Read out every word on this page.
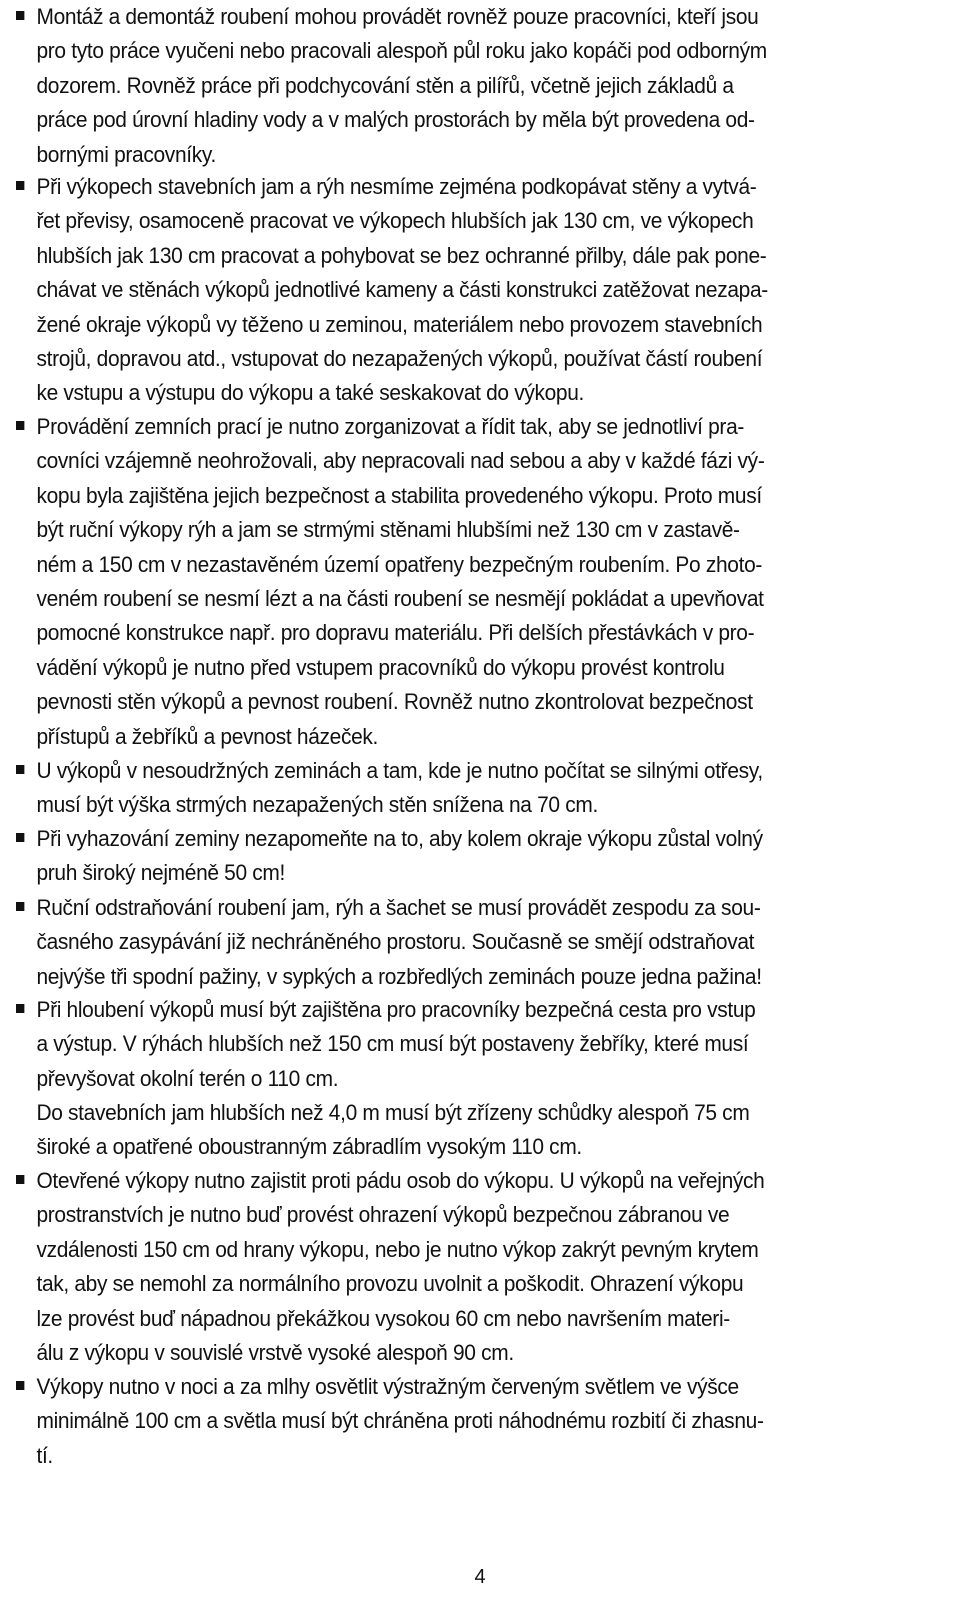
Montáž a demontáž roubení mohou provádět rovněž pouze pracovníci, kteří jsou
pro tyto práce vyučeni nebo pracovali alespoň půl roku jako kopáči pod odborným
dozorem. Rovněž práce při podchycování stěn a pilířů, včetně jejich základů a
práce pod úrovní hladiny vody a v malých prostorách by měla být provedena od-
bornými pracovníky.
Při výkopech stavebních jam a rýh nesmíme zejména podkopávat stěny a vytvá-
řet převisy, osamoceně pracovat ve výkopech hlubších jak 130 cm, ve výkopech
hlubších jak 130 cm pracovat a pohybovat se bez ochranné přilby, dále pak pone-
chávat ve stěnách výkopů jednotlivé kameny a části konstrukci zatěžovat nezapa-
žené okraje výkopů vy těženo u zeminou, materiálem nebo provozem stavebních
strojů, dopravou atd., vstupovat do nezapažených výkopů, používat částí roubení
ke vstupu a výstupu do výkopu a také seskakovat do výkopu.
Provádění zemních prací je nutno zorganizovat a řídit tak, aby se jednotliví pra-
covníci vzájemně neohrožovali, aby nepracovali nad sebou a aby v každé fázi vý-
kopu byla zajištěna jejich bezpečnost a stabilita provedeného výkopu. Proto musí
být ruční výkopy rýh a jam se strmými stěnami hlubšími než 130 cm v zastavě-
ném a 150 cm v nezastavěném území opatřeny bezpečným roubením. Po zhoto-
veném roubení se nesmí lézt a na části roubení se nesmějí pokládat a upevňovat
pomocné konstrukce např. pro dopravu materiálu. Při delších přestávkách v pro-
vádění výkopů je nutno před vstupem pracovníků do výkopu provést kontrolu
pevnosti stěn výkopů a pevnost roubení. Rovněž nutno zkontrolovat bezpečnost
přístupů a žebříků a pevnost házeček.
U výkopů v nesoudržných zeminách a tam, kde je nutno počítat se silnými otřesy,
musí být výška strmých nezapažených stěn snížena na 70 cm.
Při vyhazování zeminy nezapomeňte na to, aby kolem okraje výkopu zůstal volný
pruh široký nejméně 50 cm!
Ruční odstraňování roubení jam, rýh a šachet se musí provádět zespodu za sou-
časného zasypávání již nechráněného prostoru. Současně se smějí odstraňovat
nejvýše tři spodní pažiny, v sypkých a rozbředlých zeminách pouze jedna pažina!
Při hloubení výkopů musí být zajištěna pro pracovníky bezpečná cesta pro vstup
a výstup. V rýhách hlubších než 150 cm musí být postaveny žebříky, které musí
převyšovat okolní terén o 110 cm.
Do stavebních jam hlubších než 4,0 m musí být zřízeny schůdky alespoň 75 cm
široké a opatřené oboustranným zábradlím vysokým 110 cm.
Otevřené výkopy nutno zajistit proti pádu osob do výkopu. U výkopů na veřejných
prostranstvích je nutno buď provést ohrazení výkopů bezpečnou zábranou ve
vzdálenosti 150 cm od hrany výkopu, nebo je nutno výkop zakrýt pevným krytem
tak, aby se nemohl za normálního provozu uvolnit a poškodit. Ohrazení výkopu
lze provést buď nápadnou překážkou vysokou 60 cm nebo navršením materi-
álu z výkopu v souvislé vrstvě vysoké alespoň 90 cm.
Výkopy nutno v noci a za mlhy osvětlit výstražným červeným světlem ve výšce
minimálně 100 cm a světla musí být chráněna proti náhodnému rozbití či zhasnu-
tí.
4
